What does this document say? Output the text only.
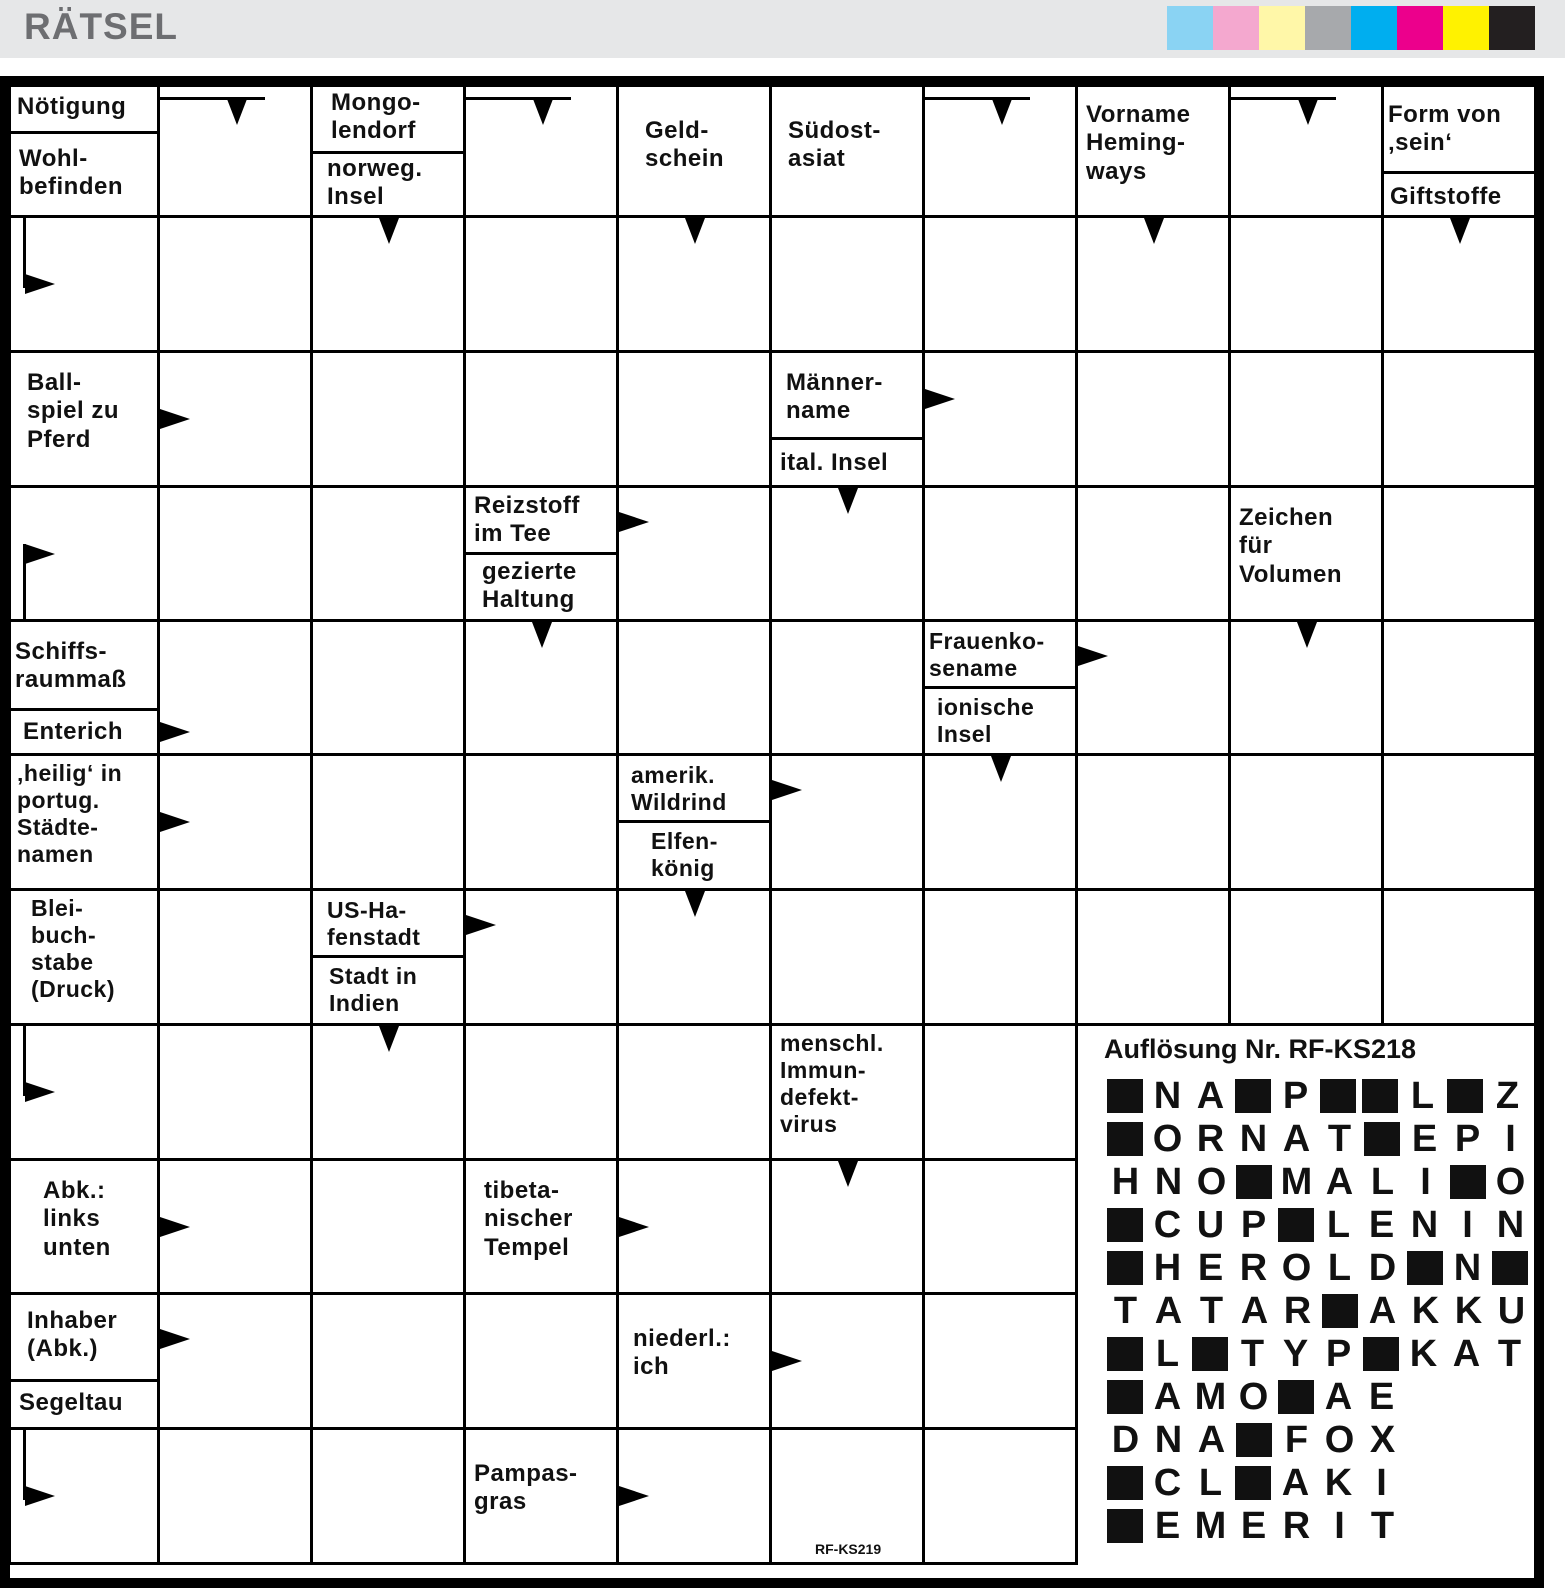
RÄTSEL
Nötigung
Wohl-
befinden
Mongo-
lendorf
norweg.
Insel
Geld-
schein
Südost-
asiat
Vorname
Heming-
ways
Form von
‚sein‘
Giftstoffe
Ball-
spiel zu
Pferd
Männer-
name
ital. Insel
Reizstoff
im Tee
gezierte
Haltung
Zeichen
für
Volumen
Schiffs-
raummaß
Enterich
Frauenko-
sename
ionische
Insel
‚heilig‘ in
portug.
Städte-
namen
amerik.
Wildrind
Elfen-
könig
Blei-
buch-
stabe
(Druck)
US-Ha-
fenstadt
Stadt in
Indien
menschl.
Immun-
defekt-
virus
Abk.:
links
unten
tibeta-
nischer
Tempel
Inhaber
(Abk.)
Segeltau
niederl.:
ich
Pampas-
gras
Auflösung Nr. RF-KS218
N A P	L Z
O R N A T E P I
H N O M A L I	O
C U P L E N I N
H E R O L D N
T A T A R A K K U
L T Y P K A T
A M O A E
D N A F O X
C L A K I
E M E R I T
RF-KS219
